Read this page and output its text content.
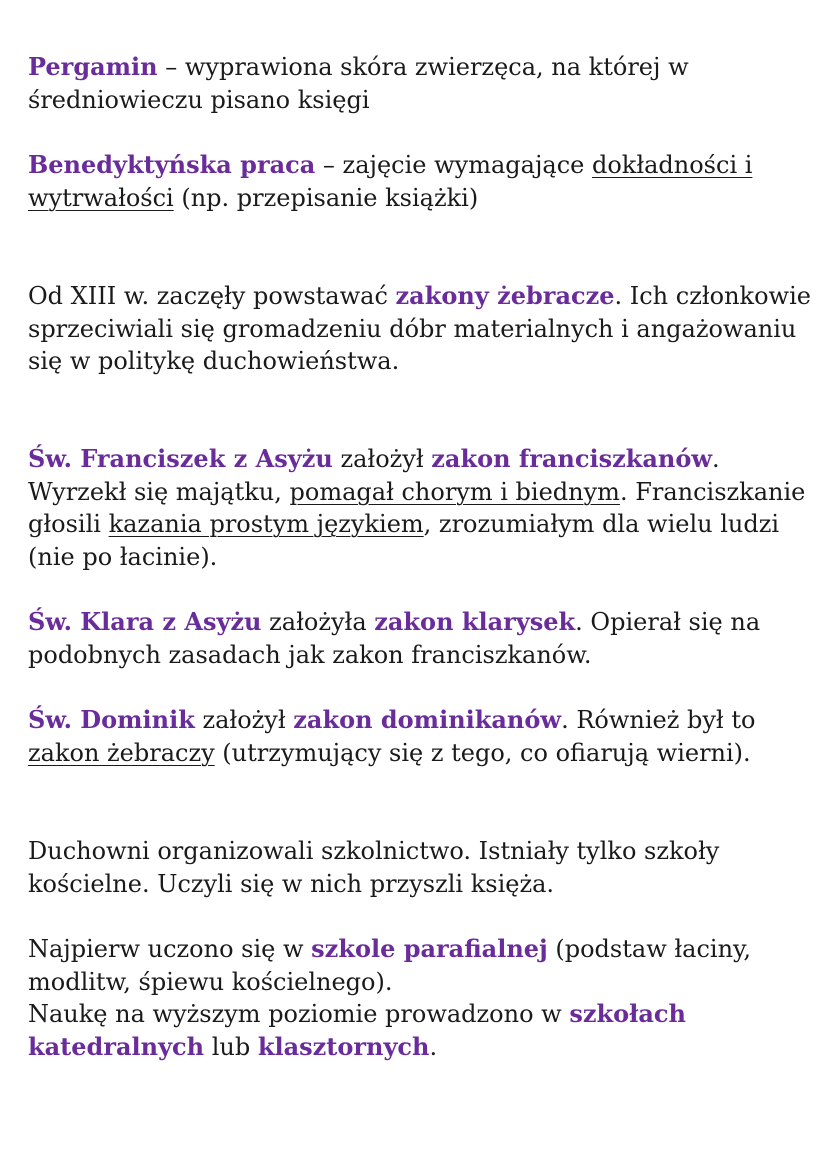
Pergamin – wyprawiona skóra zwierzęca, na której w średniowieczu pisano księgi

Benedyktyńska praca – zajęcie wymagające dokładności i wytrwałości (np. przepisanie książki)

Od XIII w. zaczęły powstawać zakony żebracze. Ich członkowie sprzeciwiali się gromadzeniu dóbr materialnych i angażowaniu się w politykę duchowieństwa.

Św. Franciszek z Asyżu założył zakon franciszkanów. Wyrzekł się majątku, pomagał chorym i biednym. Franciszkanie głosili kazania prostym językiem, zrozumiałym dla wielu ludzi (nie po łacinie).

Św. Klara z Asyżu założyła zakon klarysek. Opierał się na podobnych zasadach jak zakon franciszkanów.

Św. Dominik założył zakon dominikanów. Również był to zakon żebraczy (utrzymujący się z tego, co ofiarują wierni).

Duchowni organizowali szkolnictwo. Istniały tylko szkoły kościelne. Uczyli się w nich przyszli księża.

Najpierw uczono się w szkole parafialnej (podstaw łaciny, modlitw, śpiewu kościelnego).

Naukę na wyższym poziomie prowadzono w szkołach katedralnych lub klasztornych.
